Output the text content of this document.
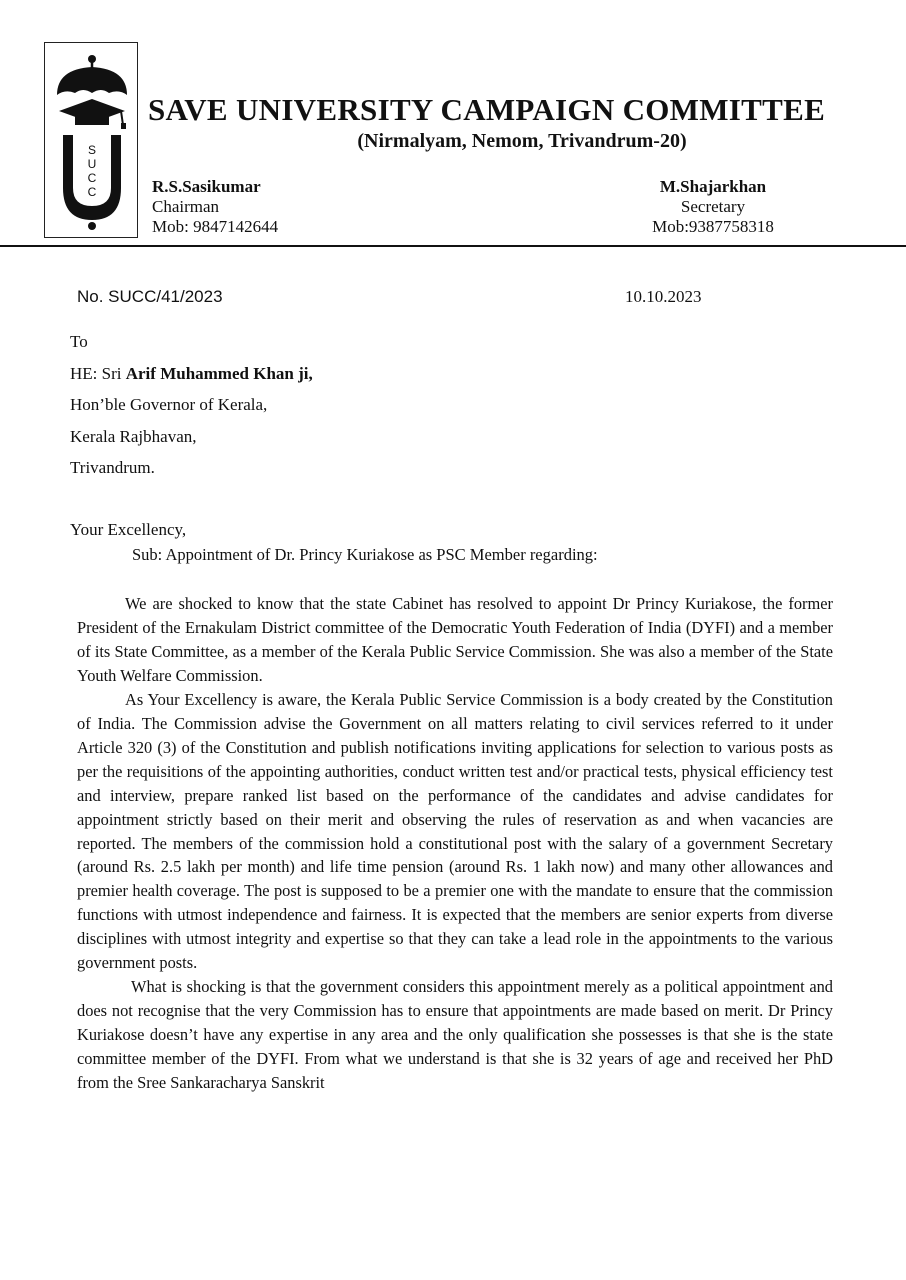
S
U
C
C
SAVE UNIVERSITY CAMPAIGN COMMITTEE
(Nirmalyam, Nemom, Trivandrum-20)
R.S.Sasikumar
Chairman
Mob: 9847142644
M.Shajarkhan
Secretary
Mob:9387758318
No. SUCC/41/2023	10.10.2023
To
HE: Sri Arif Muhammed Khan ji,
Hon’ble Governor of Kerala,
Kerala Rajbhavan,
Trivandrum.
Your Excellency,
Sub: Appointment of Dr. Princy Kuriakose as PSC Member regarding:

We are shocked to know that the state Cabinet has resolved to appoint Dr Princy Kuriakose, the former President of the Ernakulam District committee of the Democratic Youth Federation of India (DYFI) and a member of its State Committee, as a member of the Kerala Public Service Commission. She was also a member of the State Youth Welfare Commission.

As Your Excellency is aware, the Kerala Public Service Commission is a body created by the Constitution of India. The Commission advise the Government on all matters relating to civil services referred to it under Article 320 (3) of the Constitution and publish notifications inviting applications for selection to various posts as per the requisitions of the appointing authorities, conduct written test and/or practical tests, physical efficiency test and interview, prepare ranked list based on the performance of the candidates and advise candidates for appointment strictly based on their merit and observing the rules of reservation as and when vacancies are reported. The members of the commission hold a constitutional post with the salary of a government Secretary (around Rs. 2.5 lakh per month) and life time pension (around Rs. 1 lakh now) and many other allowances and premier health coverage. The post is supposed to be a premier one with the mandate to ensure that the commission functions with utmost independence and fairness. It is expected that the members are senior experts from diverse disciplines with utmost integrity and expertise so that they can take a lead role in the appointments to the various government posts.

What is shocking is that the government considers this appointment merely as a political appointment and does not recognise that the very Commission has to ensure that appointments are made based on merit. Dr Princy Kuriakose doesn’t have any expertise in any area and the only qualification she possesses is that she is the state committee member of the DYFI. From what we understand is that she is 32 years of age and received her PhD from the Sree Sankaracharya Sanskrit
